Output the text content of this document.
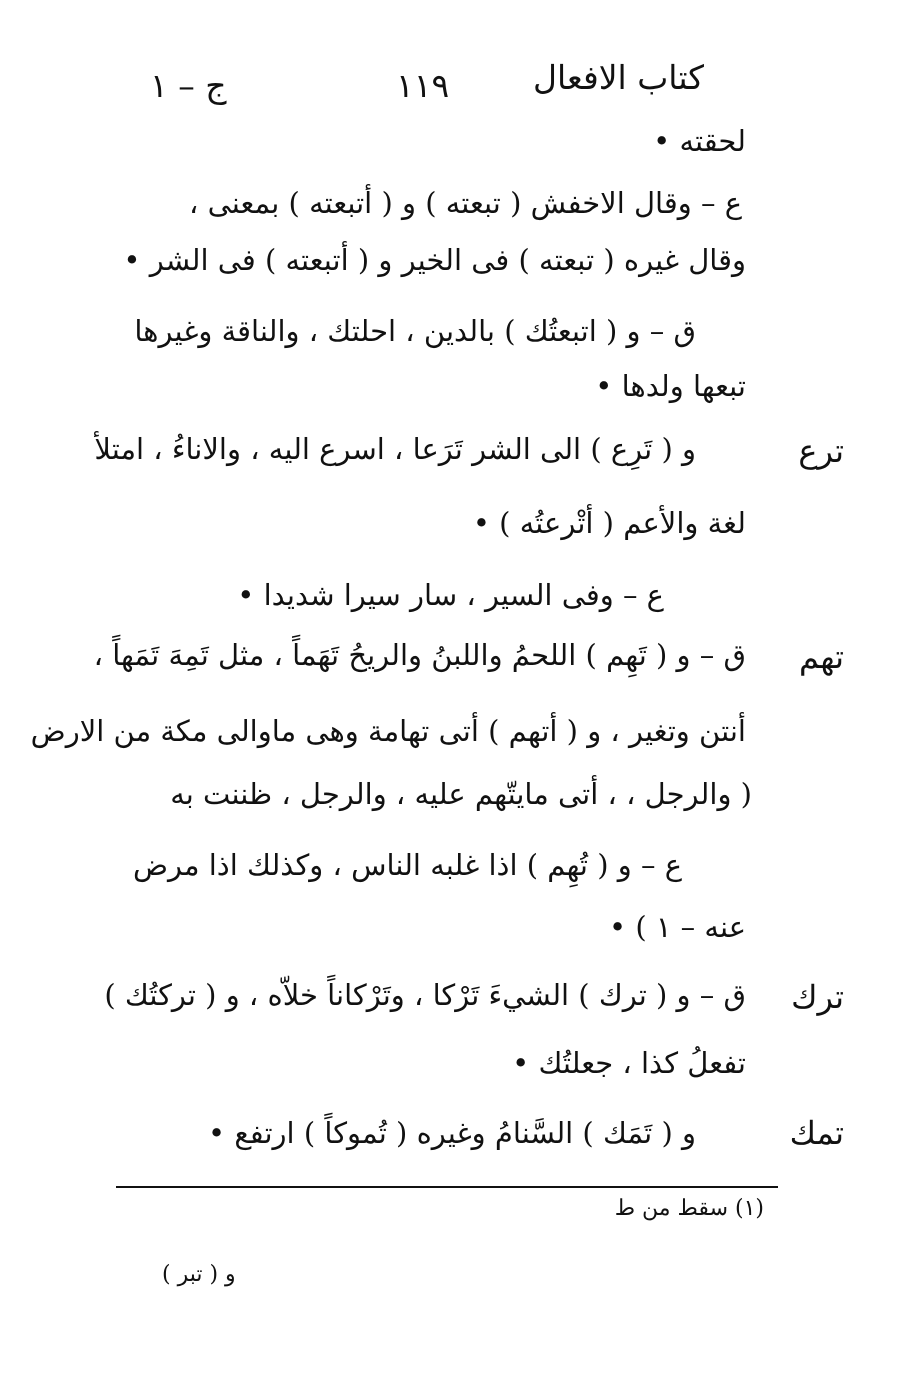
كتاب الافعال
١١٩
ج – ١
لحقته •
ع – وقال الاخفش ( تبعته ) و ( أتبعته ) بمعنى ،
وقال غيره ( تبعته ) فى الخير و ( أتبعته ) فى الشر •
ق – و ( اتبعتُك ) بالدين ، احلتك ، والناقة وغيرها
تبعها ولدها •
و ( تَرِع ) الى الشر تَرَعا ، اسرع اليه ، والاناءُ ، امتلأ
لغة والأعم ( أتْرعتُه ) •
ع – وفى السير ، سار سيرا شديدا •
ق – و ( تَهِم ) اللحمُ واللبنُ والريحُ تَهَماً ، مثل تَمِهَ تَمَهاً ،
أنتن وتغير ، و ( أتهم ) أتى تهامة وهى ماوالى مكة من الارض
( والرجل ، ، أتى مايتّهم عليه ، والرجل ، ظننت به
ع – و ( تُهِم ) اذا غلبه الناس ، وكذلك اذا مرض
عنه – ١ ) •
ق – و ( ترك ) الشيءَ تَرْكا ، وتَرْكاناً خلاّه ، و ( تركتُك )
تفعلُ كذا ، جعلتُك •
و ( تَمَك ) السَّنامُ وغيره ( تُموكاً ) ارتفع •
ترع
تهم
ترك
تمك
(١) سقط من ط
و ( تبر )
